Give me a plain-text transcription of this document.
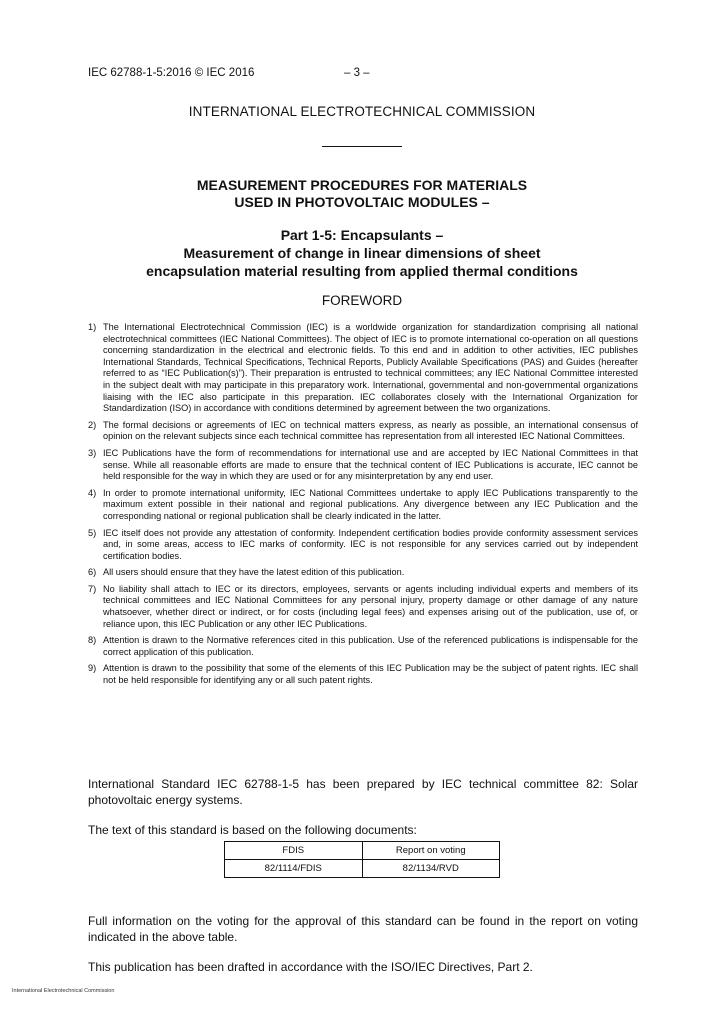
IEC 62788-1-5:2016 © IEC 2016	– 3 –
INTERNATIONAL ELECTROTECHNICAL COMMISSION
MEASUREMENT PROCEDURES FOR MATERIALS
USED IN PHOTOVOLTAIC MODULES –
Part 1-5: Encapsulants –
Measurement of change in linear dimensions of sheet
encapsulation material resulting from applied thermal conditions
FOREWORD
1) The International Electrotechnical Commission (IEC) is a worldwide organization for standardization comprising all national electrotechnical committees (IEC National Committees). The object of IEC is to promote international co-operation on all questions concerning standardization in the electrical and electronic fields. To this end and in addition to other activities, IEC publishes International Standards, Technical Specifications, Technical Reports, Publicly Available Specifications (PAS) and Guides (hereafter referred to as “IEC Publication(s)”). Their preparation is entrusted to technical committees; any IEC National Committee interested in the subject dealt with may participate in this preparatory work. International, governmental and non-governmental organizations liaising with the IEC also participate in this preparation. IEC collaborates closely with the International Organization for Standardization (ISO) in accordance with conditions determined by agreement between the two organizations.
2) The formal decisions or agreements of IEC on technical matters express, as nearly as possible, an international consensus of opinion on the relevant subjects since each technical committee has representation from all interested IEC National Committees.
3) IEC Publications have the form of recommendations for international use and are accepted by IEC National Committees in that sense. While all reasonable efforts are made to ensure that the technical content of IEC Publications is accurate, IEC cannot be held responsible for the way in which they are used or for any misinterpretation by any end user.
4) In order to promote international uniformity, IEC National Committees undertake to apply IEC Publications transparently to the maximum extent possible in their national and regional publications. Any divergence between any IEC Publication and the corresponding national or regional publication shall be clearly indicated in the latter.
5) IEC itself does not provide any attestation of conformity. Independent certification bodies provide conformity assessment services and, in some areas, access to IEC marks of conformity. IEC is not responsible for any services carried out by independent certification bodies.
6) All users should ensure that they have the latest edition of this publication.
7) No liability shall attach to IEC or its directors, employees, servants or agents including individual experts and members of its technical committees and IEC National Committees for any personal injury, property damage or other damage of any nature whatsoever, whether direct or indirect, or for costs (including legal fees) and expenses arising out of the publication, use of, or reliance upon, this IEC Publication or any other IEC Publications.
8) Attention is drawn to the Normative references cited in this publication. Use of the referenced publications is indispensable for the correct application of this publication.
9) Attention is drawn to the possibility that some of the elements of this IEC Publication may be the subject of patent rights. IEC shall not be held responsible for identifying any or all such patent rights.

International Standard IEC 62788-1-5 has been prepared by IEC technical committee 82: Solar photovoltaic energy systems.

The text of this standard is based on the following documents:

FDIS	Report on voting
82/1114/FDIS	82/1134/RVD

Full information on the voting for the approval of this standard can be found in the report on voting indicated in the above table.

This publication has been drafted in accordance with the ISO/IEC Directives, Part 2.

International Electrotechnical Commission
